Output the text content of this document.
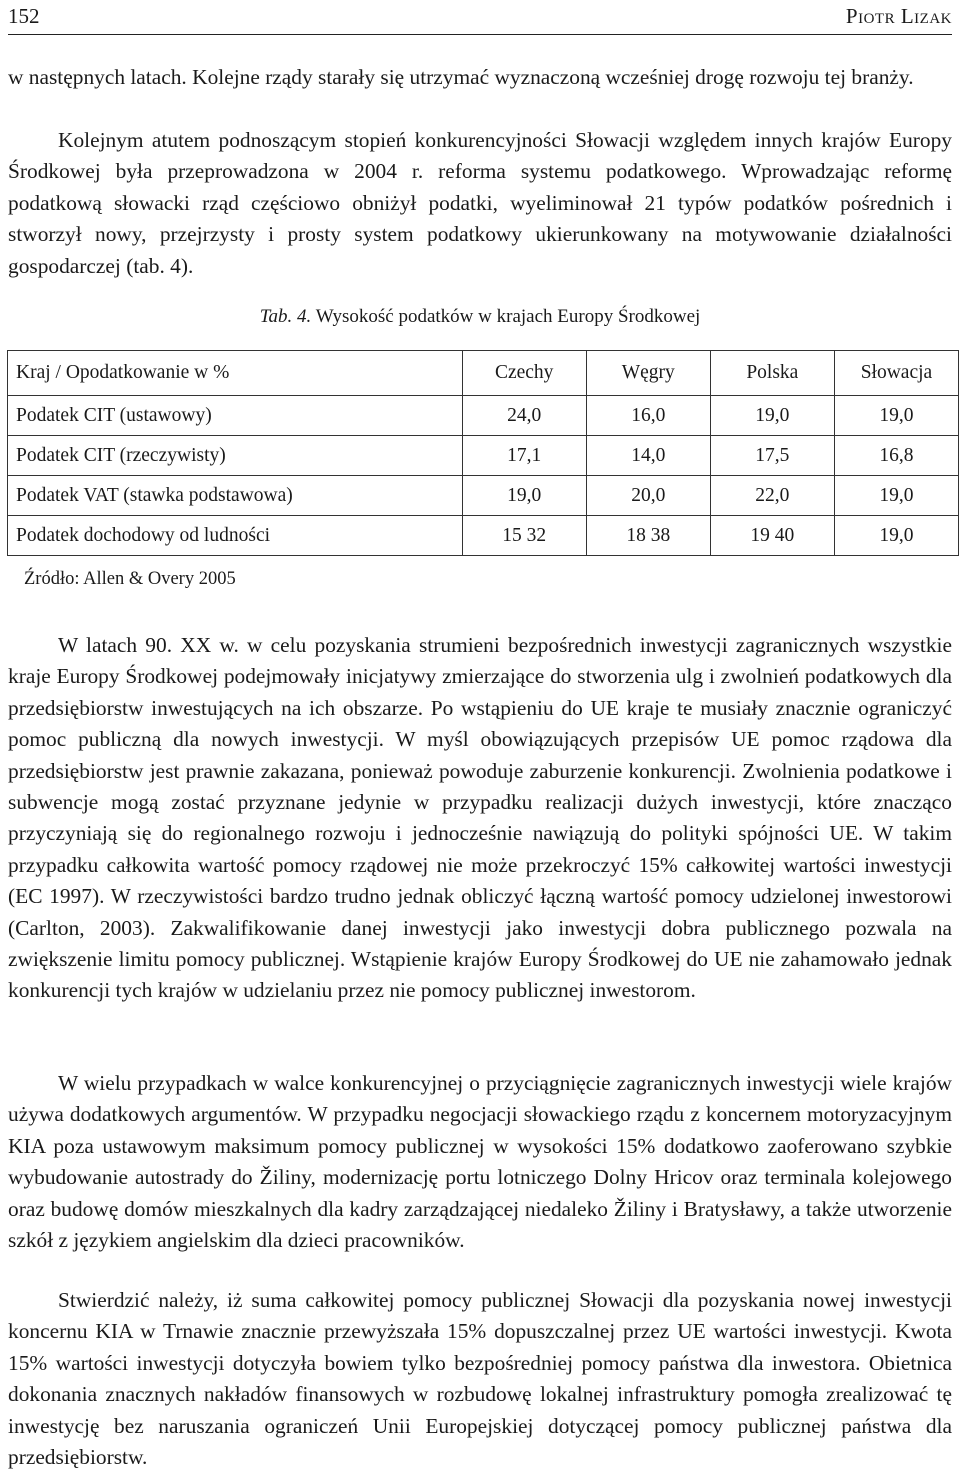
152	Piotr Lizak

w następnych latach. Kolejne rządy starały się utrzymać wyznaczoną wcześniej drogę rozwoju tej branży.

Kolejnym atutem podnoszącym stopień konkurencyjności Słowacji względem innych krajów Europy Środkowej była przeprowadzona w 2004 r. reforma systemu podatkowego. Wprowadzając reformę podatkową słowacki rząd częściowo obniżył podatki, wyeliminował 21 typów podatków pośrednich i stworzył nowy, przejrzysty i prosty system podatkowy ukierunkowany na motywowanie działalności gospodarczej (tab. 4).

Tab. 4. Wysokość podatków w krajach Europy Środkowej
Kraj / Opodatkowanie w %	Czechy	Węgry	Polska	Słowacja
Podatek CIT (ustawowy)	24,0	16,0	19,0	19,0
Podatek CIT (rzeczywisty)	17,1	14,0	17,5	16,8
Podatek VAT (stawka podstawowa)	19,0	20,0	22,0	19,0
Podatek dochodowy od ludności	15 32	18 38	19 40	19,0
Źródło: Allen & Overy 2005

W latach 90. XX w. w celu pozyskania strumieni bezpośrednich inwestycji zagranicznych wszystkie kraje Europy Środkowej podejmowały inicjatywy zmierzające do stworzenia ulg i zwolnień podatkowych dla przedsiębiorstw inwestujących na ich obszarze. Po wstąpieniu do UE kraje te musiały znacznie ograniczyć pomoc publiczną dla nowych inwestycji. W myśl obowiązujących przepisów UE pomoc rządowa dla przedsiębiorstw jest prawnie zakazana, ponieważ powoduje zaburzenie konkurencji. Zwolnienia podatkowe i subwencje mogą zostać przyznane jedynie w przypadku realizacji dużych inwestycji, które znacząco przyczyniają się do regionalnego rozwoju i jednocześnie nawiązują do polityki spójności UE. W takim przypadku całkowita wartość pomocy rządowej nie może przekroczyć 15% całkowitej wartości inwestycji (EC 1997). W rzeczywistości bardzo trudno jednak obliczyć łączną wartość pomocy udzielonej inwestorowi (Carlton, 2003). Zakwalifikowanie danej inwestycji jako inwestycji dobra publicznego pozwala na zwiększenie limitu pomocy publicznej. Wstąpienie krajów Europy Środkowej do UE nie zahamowało jednak konkurencji tych krajów w udzielaniu przez nie pomocy publicznej inwestorom.

W wielu przypadkach w walce konkurencyjnej o przyciągnięcie zagranicznych inwestycji wiele krajów używa dodatkowych argumentów. W przypadku negocjacji słowackiego rządu z koncernem motoryzacyjnym KIA poza ustawowym maksimum pomocy publicznej w wysokości 15% dodatkowo zaoferowano szybkie wybudowanie autostrady do Žiliny, modernizację portu lotniczego Dolny Hricov oraz terminala kolejowego oraz budowę domów mieszkalnych dla kadry zarządzającej niedaleko Žiliny i Bratysławy, a także utworzenie szkół z językiem angielskim dla dzieci pracowników.

Stwierdzić należy, iż suma całkowitej pomocy publicznej Słowacji dla pozyskania nowej inwestycji koncernu KIA w Trnawie znacznie przewyższała 15% dopuszczalnej przez UE wartości inwestycji. Kwota 15% wartości inwestycji dotyczyła bowiem tylko bezpośredniej pomocy państwa dla inwestora. Obietnica dokonania znacznych nakładów finansowych w rozbudowę lokalnej infrastruktury pomogła zrealizować tę inwestycję bez naruszania ograniczeń Unii Europejskiej dotyczącej pomocy publicznej państwa dla przedsiębiorstw.
